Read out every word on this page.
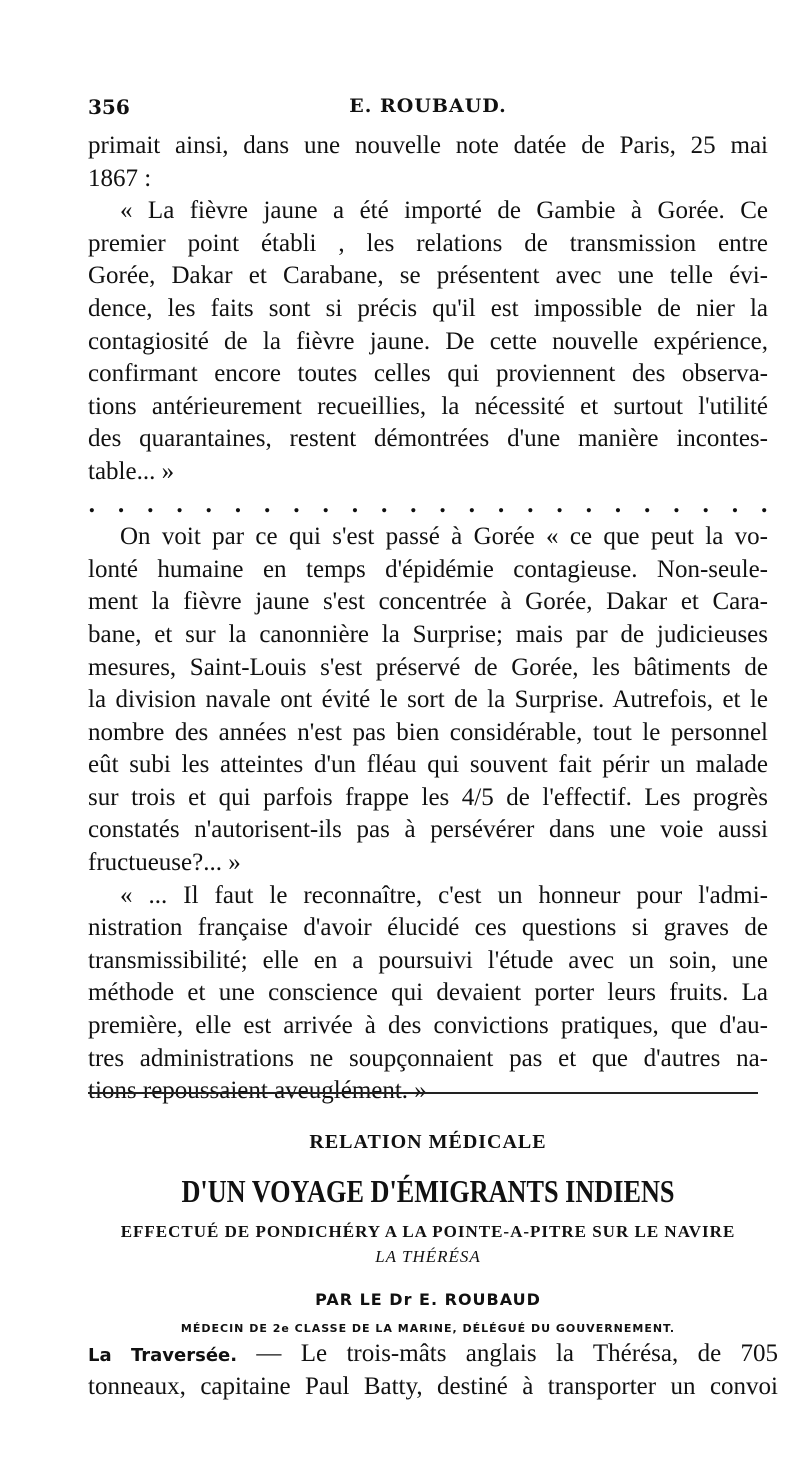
356	E. ROUBAUD.
primait ainsi, dans une nouvelle note datée de Paris, 25 mai
1867 :
« La fièvre jaune a été importé de Gambie à Gorée. Ce
premier point établi , les relations de transmission entre
Gorée, Dakar et Carabane, se présentent avec une telle évi-
dence, les faits sont si précis qu'il est impossible de nier la
contagiosité de la fièvre jaune. De cette nouvelle expérience,
confirmant encore toutes celles qui proviennent des observa-
tions antérieurement recueillies, la nécessité et surtout l'utilité
des quarantaines, restent démontrées d'une manière incontes-
table... »
. . . . . . . . . . . . . . . . . . . . . . . .
On voit par ce qui s'est passé à Gorée « ce que peut la vo-
lonté humaine en temps d'épidémie contagieuse. Non-seule-
ment la fièvre jaune s'est concentrée à Gorée, Dakar et Cara-
bane, et sur la canonnière la Surprise; mais par de judicieuses
mesures, Saint-Louis s'est préservé de Gorée, les bâtiments de
la division navale ont évité le sort de la Surprise. Autrefois, et le
nombre des années n'est pas bien considérable, tout le personnel
eût subi les atteintes d'un fléau qui souvent fait périr un malade
sur trois et qui parfois frappe les 4/5 de l'effectif. Les progrès
constatés n'autorisent-ils pas à persévérer dans une voie aussi
fructueuse?... »
« ... Il faut le reconnaître, c'est un honneur pour l'admi-
nistration française d'avoir élucidé ces questions si graves de
transmissibilité; elle en a poursuivi l'étude avec un soin, une
méthode et une conscience qui devaient porter leurs fruits. La
première, elle est arrivée à des convictions pratiques, que d'au-
tres administrations ne soupçonnaient pas et que d'autres na-
tions repoussaient aveuglément. »
RELATION MÉDICALE
D'UN VOYAGE D'ÉMIGRANTS INDIENS
EFFECTUÉ DE PONDICHÉRY A LA POINTE-A-PITRE SUR LE NAVIRE
LA THÉRÉSA
PAR LE Dr E. ROUBAUD
MÉDECIN DE 2e CLASSE DE LA MARINE, DÉLÉGUÉ DU GOUVERNEMENT.
La Traversée. — Le trois-mâts anglais la Thérésa, de 705
tonneaux, capitaine Paul Batty, destiné à transporter un convoi
